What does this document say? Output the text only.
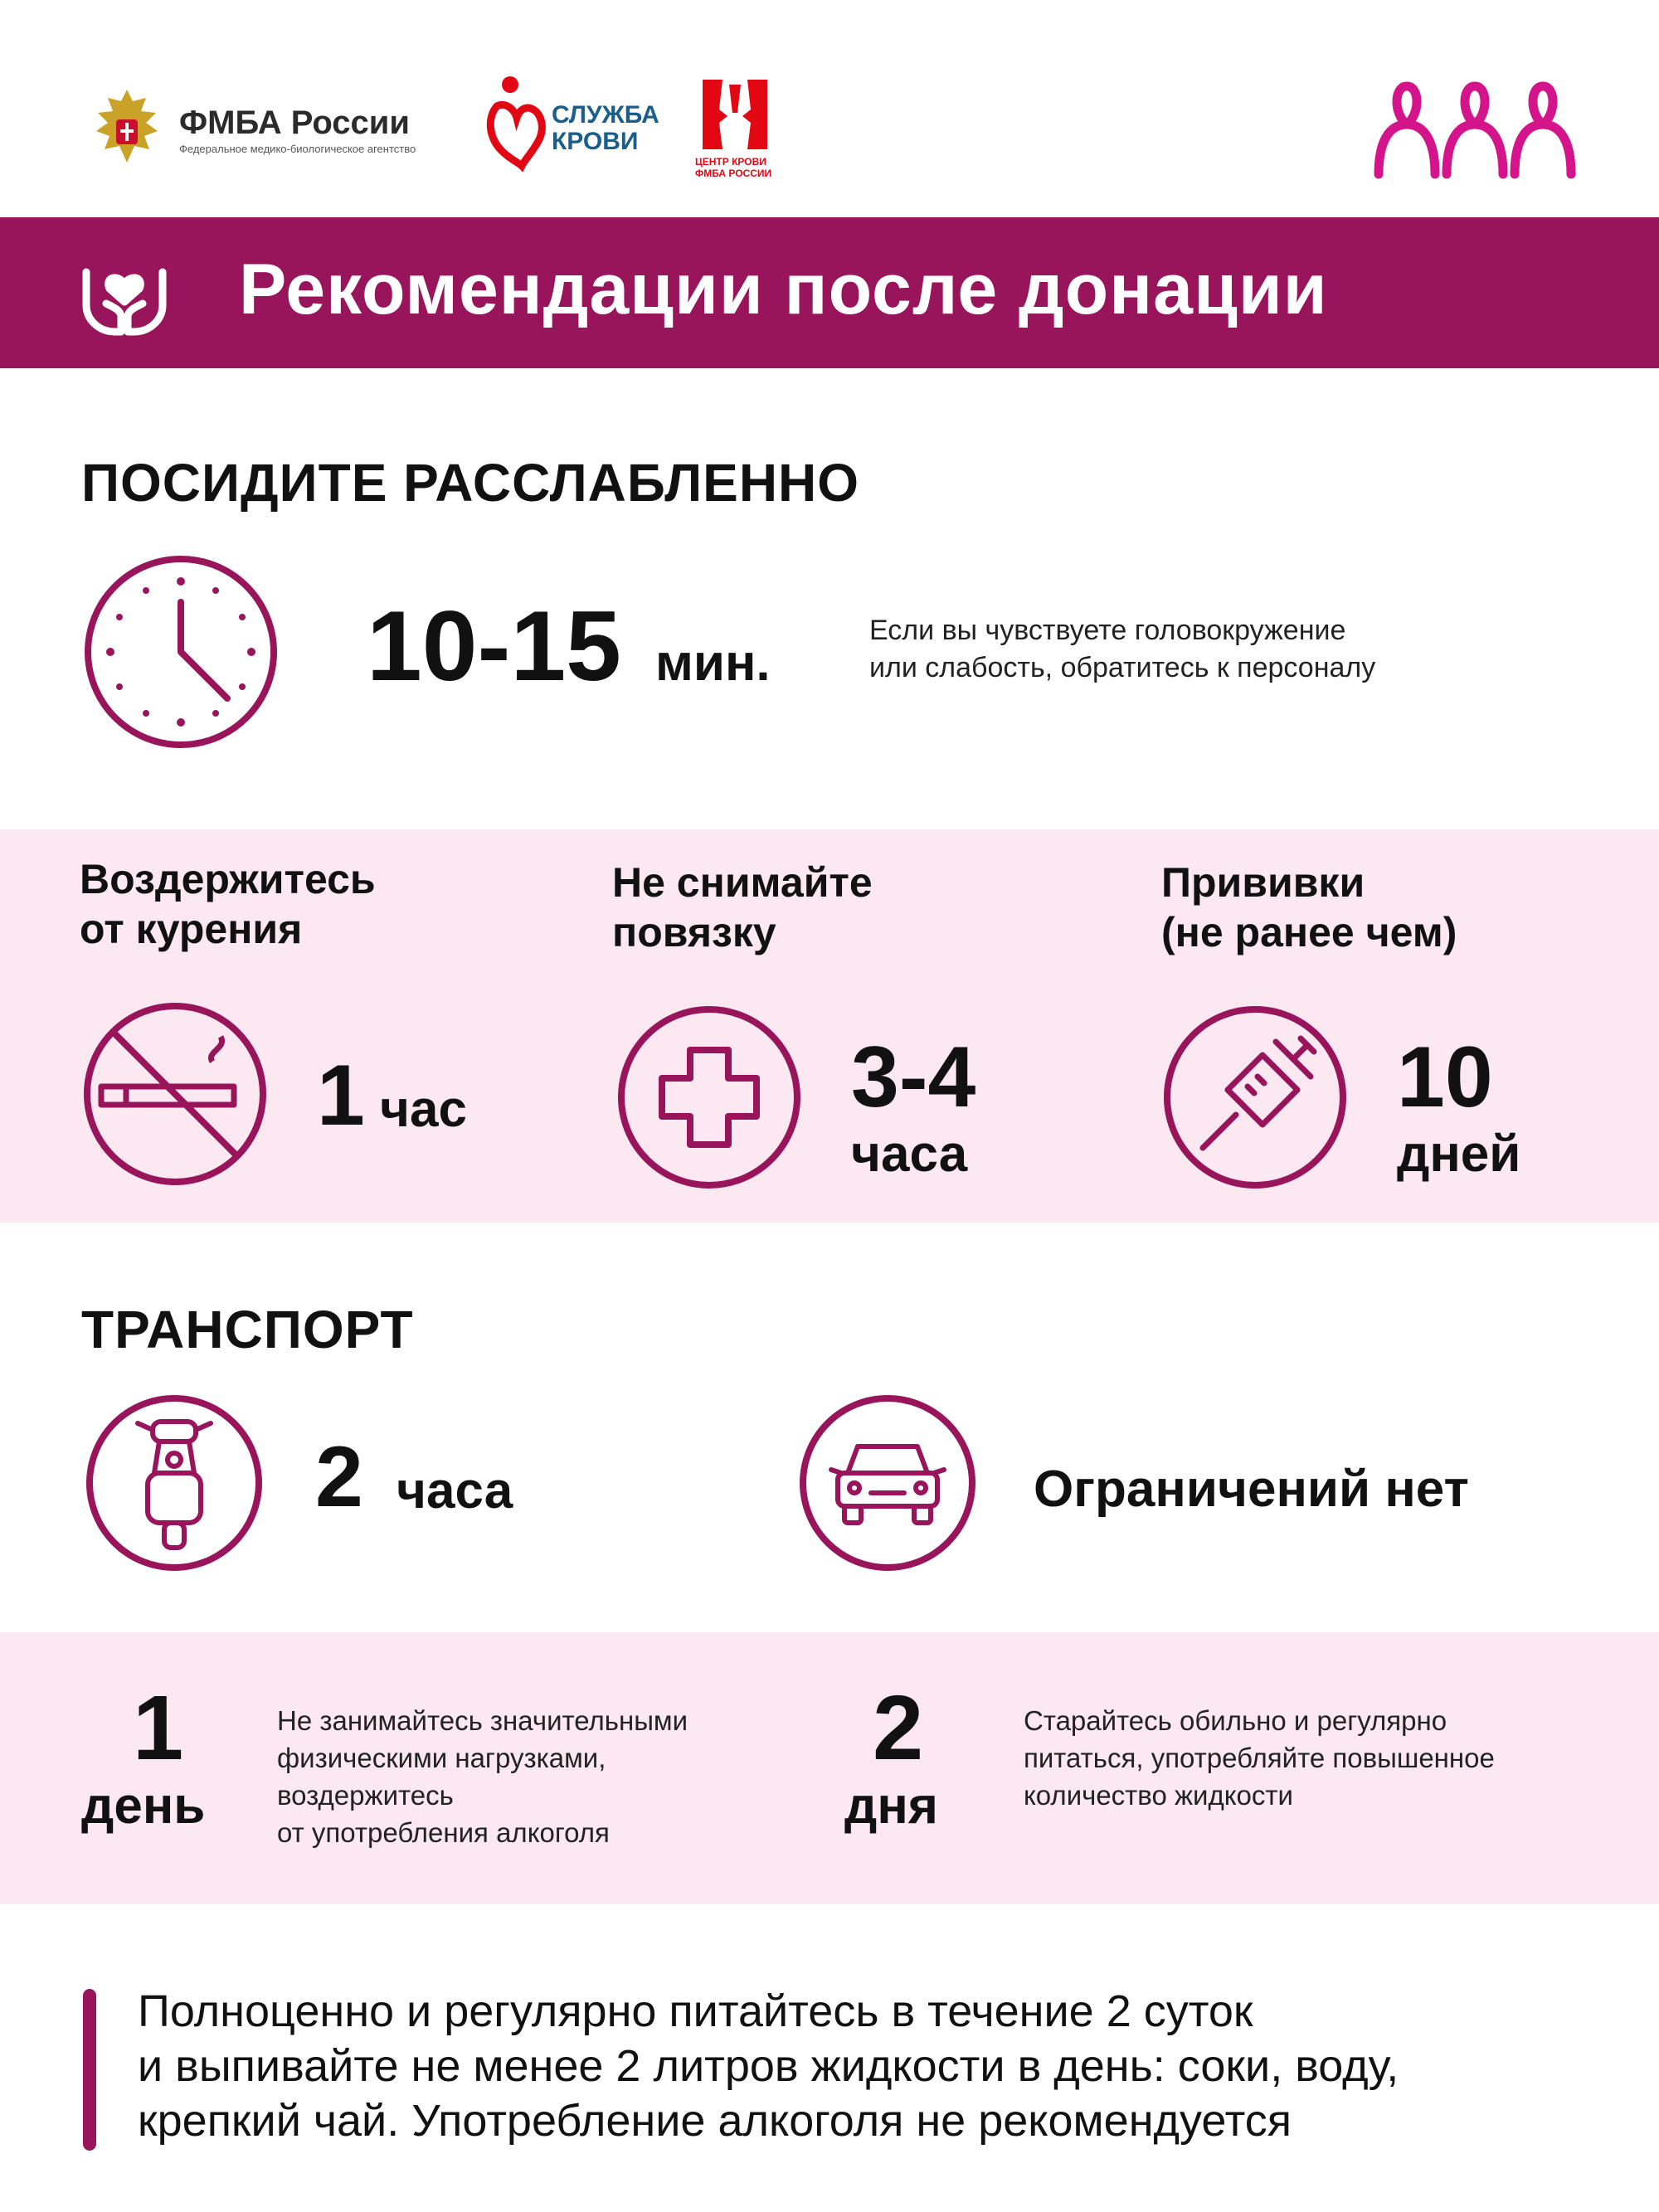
ФМБА России
Федеральное медико-биологическое агентство
СЛУЖБА
КРОВИ
ЦЕНТР КРОВИ
ФМБА РОССИИ
Рекомендации после донации
ПОСИДИТЕ РАССЛАБЛЕННО
10-15 мин.
Если вы чувствуете головокружение
или слабость, обратитесь к персоналу
Воздержитесь
от курения
1 час
Не снимайте
повязку
3-4
часа
Прививки
(не ранее чем)
10
дней
ТРАНСПОРТ
2 часа	Ограничений нет
1
день
Не занимайтесь значительными
физическими нагрузками,
воздержитесь
от употребления алкоголя
2
дня
Старайтесь обильно и регулярно
питаться, употребляйте повышенное
количество жидкости
Полноценно и регулярно питайтесь в течение 2 суток
и выпивайте не менее 2 литров жидкости в день: соки, воду,
крепкий чай. Употребление алкоголя не рекомендуется
